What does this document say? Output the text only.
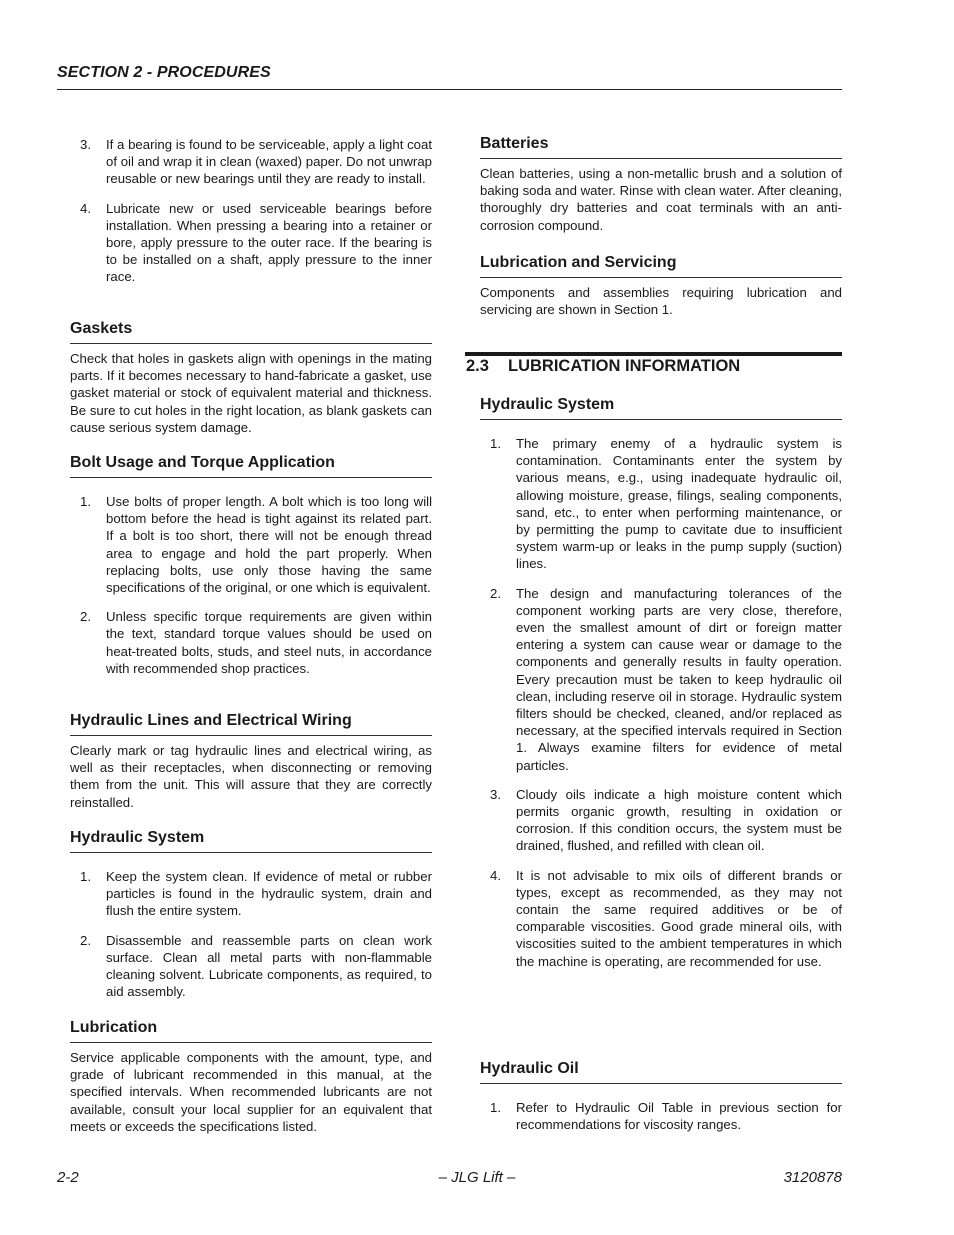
SECTION 2 - PROCEDURES
3. If a bearing is found to be serviceable, apply a light coat of oil and wrap it in clean (waxed) paper. Do not unwrap reusable or new bearings until they are ready to install.
4. Lubricate new or used serviceable bearings before installation. When pressing a bearing into a retainer or bore, apply pressure to the outer race. If the bearing is to be installed on a shaft, apply pressure to the inner race.
Gaskets

Check that holes in gaskets align with openings in the mating parts. If it becomes necessary to hand-fabricate a gasket, use gasket material or stock of equivalent material and thickness. Be sure to cut holes in the right location, as blank gaskets can cause serious system damage.

Bolt Usage and Torque Application
1. Use bolts of proper length. A bolt which is too long will bottom before the head is tight against its related part. If a bolt is too short, there will not be enough thread area to engage and hold the part properly. When replacing bolts, use only those having the same specifications of the original, or one which is equivalent.
2. Unless specific torque requirements are given within the text, standard torque values should be used on heat-treated bolts, studs, and steel nuts, in accordance with recommended shop practices.
Hydraulic Lines and Electrical Wiring

Clearly mark or tag hydraulic lines and electrical wiring, as well as their receptacles, when disconnecting or removing them from the unit. This will assure that they are correctly reinstalled.

Hydraulic System
1. Keep the system clean. If evidence of metal or rubber particles is found in the hydraulic system, drain and flush the entire system.
2. Disassemble and reassemble parts on clean work surface. Clean all metal parts with non-flammable cleaning solvent. Lubricate components, as required, to aid assembly.
Lubrication

Service applicable components with the amount, type, and grade of lubricant recommended in this manual, at the specified intervals. When recommended lubricants are not available, consult your local supplier for an equivalent that meets or exceeds the specifications listed.

Batteries

Clean batteries, using a non-metallic brush and a solution of baking soda and water. Rinse with clean water. After cleaning, thoroughly dry batteries and coat terminals with an anti-corrosion compound.

Lubrication and Servicing

Components and assemblies requiring lubrication and servicing are shown in Section 1.

Hydraulic System
1. The primary enemy of a hydraulic system is contamination. Contaminants enter the system by various means, e.g., using inadequate hydraulic oil, allowing moisture, grease, filings, sealing components, sand, etc., to enter when performing maintenance, or by permitting the pump to cavitate due to insufficient system warm-up or leaks in the pump supply (suction) lines.
2. The design and manufacturing tolerances of the component working parts are very close, therefore, even the smallest amount of dirt or foreign matter entering a system can cause wear or damage to the components and generally results in faulty operation. Every precaution must be taken to keep hydraulic oil clean, including reserve oil in storage. Hydraulic system filters should be checked, cleaned, and/or replaced as necessary, at the specified intervals required in Section 1. Always examine filters for evidence of metal particles.
3. Cloudy oils indicate a high moisture content which permits organic growth, resulting in oxidation or corrosion. If this condition occurs, the system must be drained, flushed, and refilled with clean oil.
4. It is not advisable to mix oils of different brands or types, except as recommended, as they may not contain the same required additives or be of comparable viscosities. Good grade mineral oils, with viscosities suited to the ambient temperatures in which the machine is operating, are recommended for use.
Hydraulic Oil
1. Refer to Hydraulic Oil Table in previous section for recommendations for viscosity ranges.
2.3 LUBRICATION INFORMATION
2-2	– JLG Lift –	3120878
